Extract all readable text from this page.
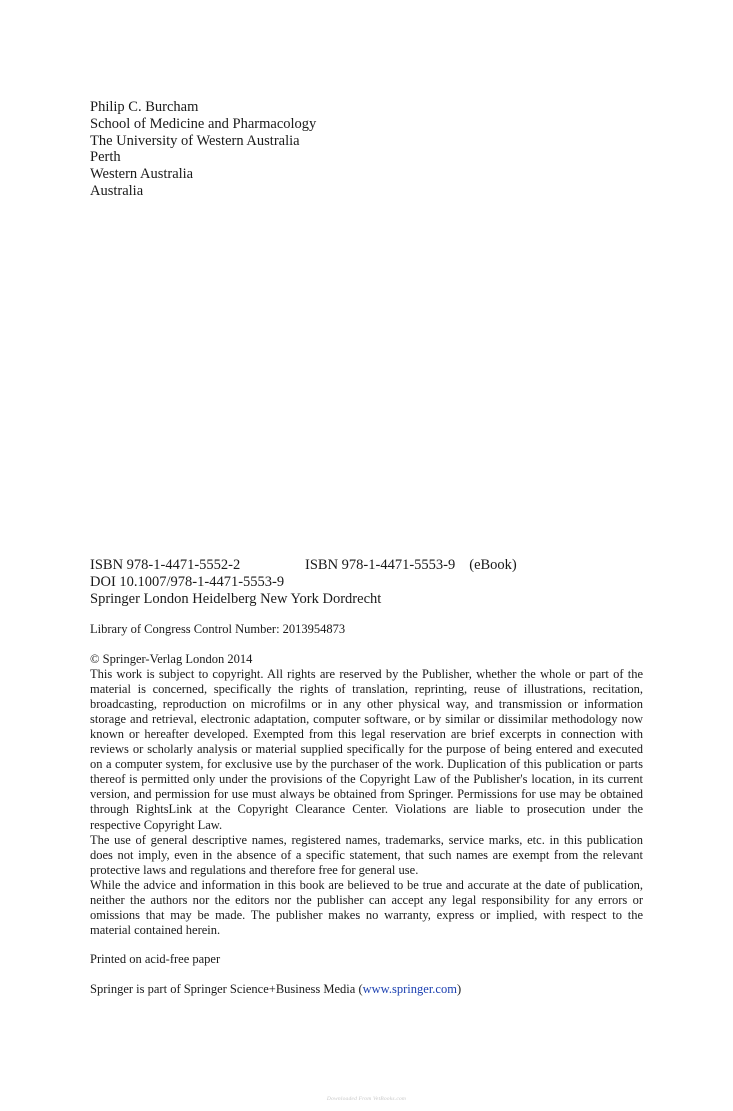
Philip C. Burcham
School of Medicine and Pharmacology
The University of Western Australia
Perth
Western Australia
Australia
ISBN 978-1-4471-5552-2	ISBN 978-1-4471-5553-9 (eBook)
DOI 10.1007/978-1-4471-5553-9
Springer London Heidelberg New York Dordrecht
Library of Congress Control Number: 2013954873

© Springer-Verlag London 2014

This work is subject to copyright. All rights are reserved by the Publisher, whether the whole or part of the material is concerned, specifically the rights of translation, reprinting, reuse of illustrations, recitation, broadcasting, reproduction on microfilms or in any other physical way, and transmission or information storage and retrieval, electronic adaptation, computer software, or by similar or dissimilar methodology now known or hereafter developed. Exempted from this legal reservation are brief excerpts in connection with reviews or scholarly analysis or material supplied specifically for the purpose of being entered and executed on a computer system, for exclusive use by the purchaser of the work. Duplication of this publication or parts thereof is permitted only under the provisions of the Copyright Law of the Publisher's location, in its current version, and permission for use must always be obtained from Springer. Permissions for use may be obtained through RightsLink at the Copyright Clearance Center. Violations are liable to prosecution under the respective Copyright Law.

The use of general descriptive names, registered names, trademarks, service marks, etc. in this publication does not imply, even in the absence of a specific statement, that such names are exempt from the relevant protective laws and regulations and therefore free for general use.

While the advice and information in this book are believed to be true and accurate at the date of publication, neither the authors nor the editors nor the publisher can accept any legal responsibility for any errors or omissions that may be made. The publisher makes no warranty, express or implied, with respect to the material contained herein.

Printed on acid-free paper
Springer is part of Springer Science+Business Media (www.springer.com)
Downloaded From VetBooks.com
